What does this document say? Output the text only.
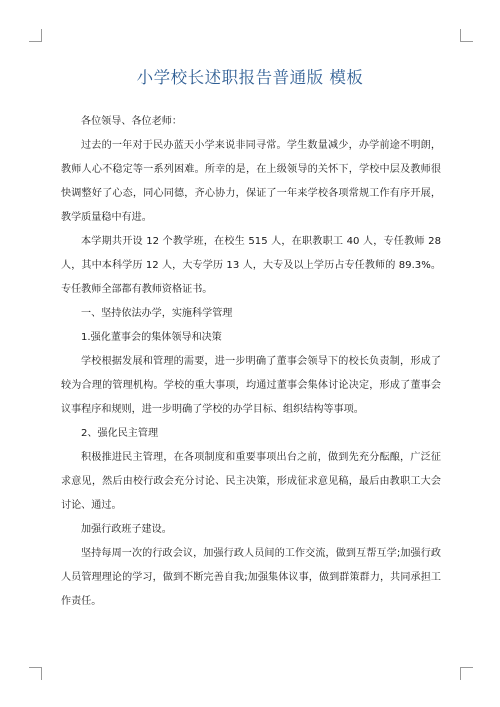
小学校长述职报告普通版 模板

各位领导、各位老师：

过去的一年对于民办蓝天小学来说非同寻常。学生数量减少，办学前途不明朗，教师人心不稳定等一系列困难。所幸的是，在上级领导的关怀下，学校中层及教师很快调整好了心态，同心同德，齐心协力，保证了一年来学校各项常规工作有序开展，教学质量稳中有进。

本学期共开设 12 个教学班，在校生 515 人，在职教职工 40 人，专任教师 28 人，其中本科学历 12 人，大专学历 13 人，大专及以上学历占专任教师的 89.3%。专任教师全部都有教师资格证书。

一、坚持依法办学，实施科学管理

1.强化董事会的集体领导和决策

学校根据发展和管理的需要，进一步明确了董事会领导下的校长负责制，形成了较为合理的管理机构。学校的重大事项，均通过董事会集体讨论决定，形成了董事会议事程序和规则，进一步明确了学校的办学目标、组织结构等事项。

2、强化民主管理

积极推进民主管理，在各项制度和重要事项出台之前，做到先充分酝酿，广泛征求意见，然后由校行政会充分讨论、民主决策，形成征求意见稿，最后由教职工大会讨论、通过。

加强行政班子建设。

坚持每周一次的行政会议，加强行政人员间的工作交流，做到互帮互学;加强行政人员管理理论的学习，做到不断完善自我;加强集体议事，做到群策群力，共同承担工作责任。
